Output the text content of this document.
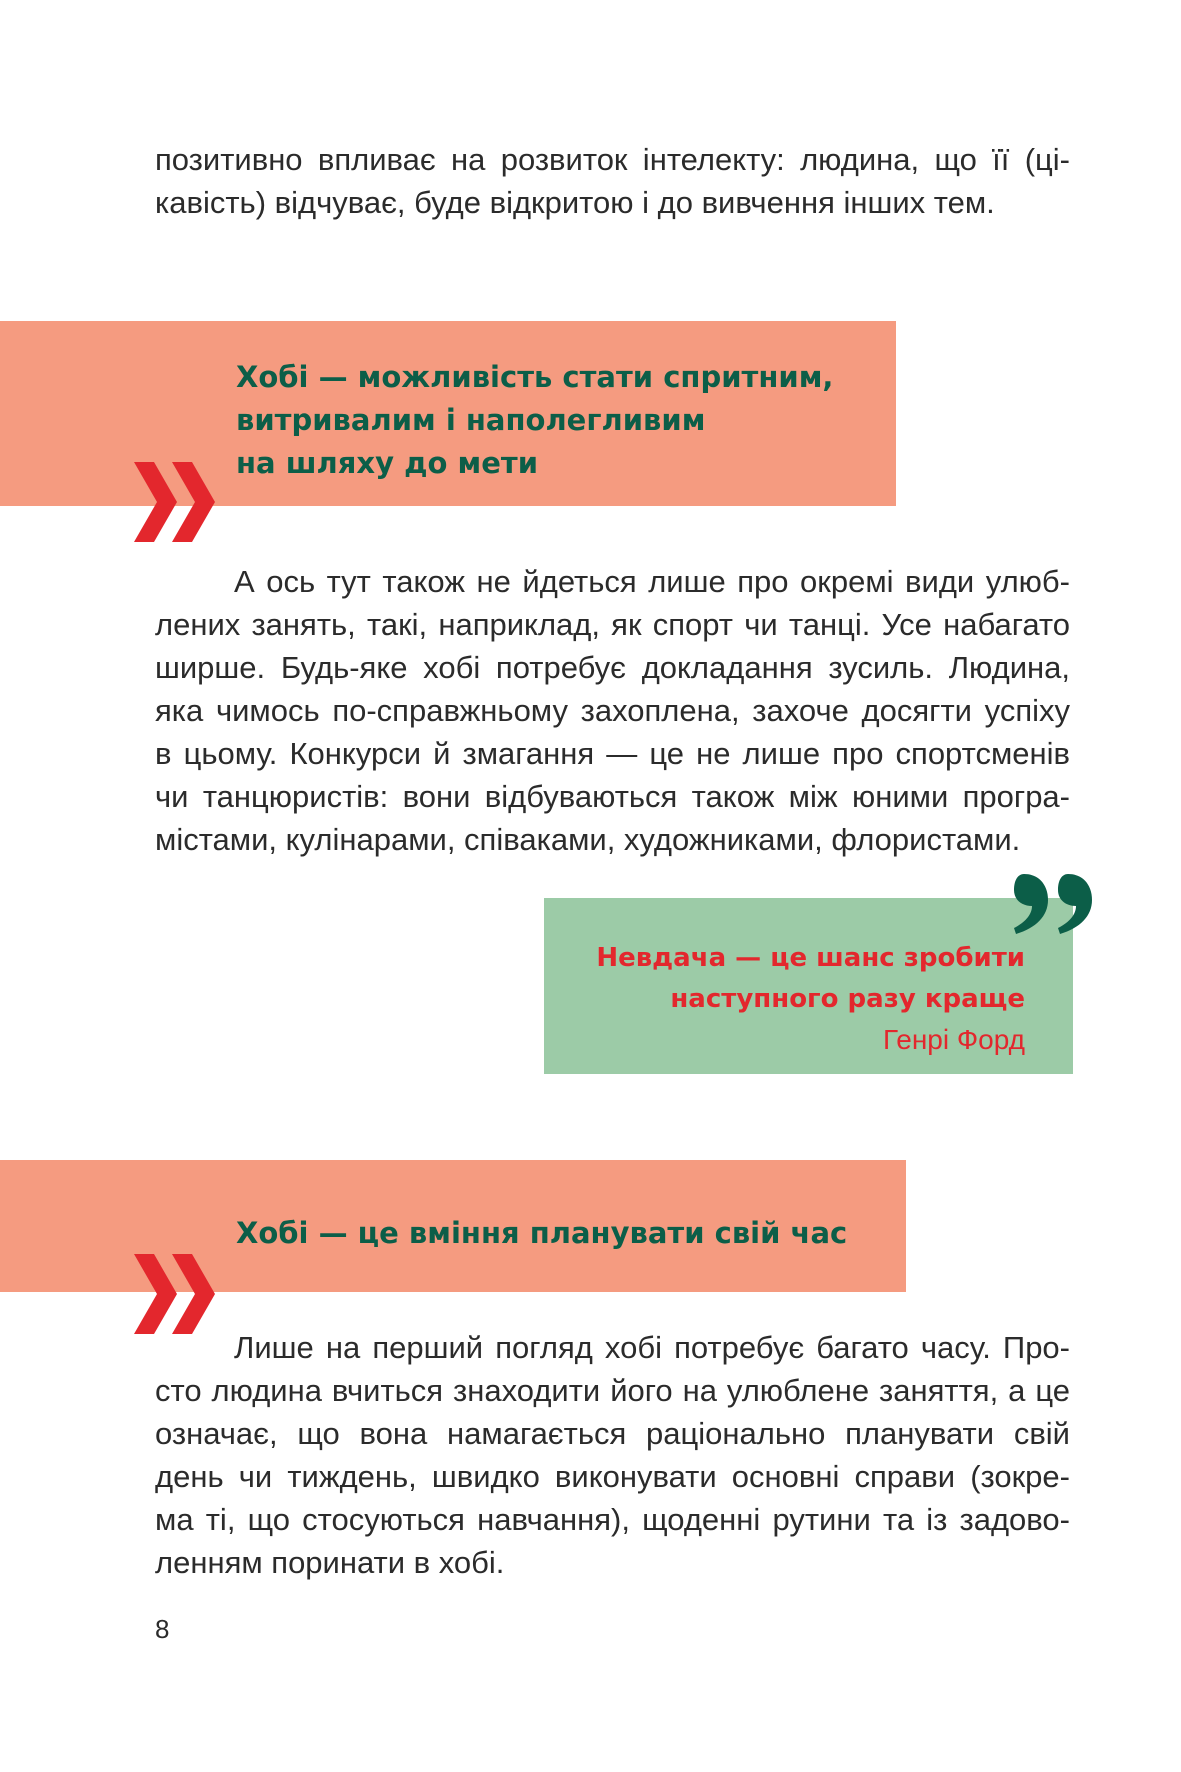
позитивно впливає на розвиток інтелекту: людина, що її (ці-
кавість) відчуває, буде відкритою і до вивчення інших тем.
Хобі — можливість стати спритним,
витривалим і наполегливим
на шляху до мети
А ось тут також не йдеться лише про окремі види улюб-
лених занять, такі, наприклад, як спорт чи танці. Усе набагато
ширше. Будь-яке хобі потребує докладання зусиль. Людина,
яка чимось по-справжньому захоплена, захоче досягти успіху
в цьому. Конкурси й змагання — це не лише про спортсменів
чи танцюристів: вони відбуваються також між юними програ-
містами, кулінарами, співаками, художниками, флористами.
Невдача — це шанс зробити
наступного разу краще
Генрі Форд
Хобі — це вміння планувати свій час
Лише на перший погляд хобі потребує багато часу. Про-
сто людина вчиться знаходити його на улюблене заняття, а це
означає, що вона намагається раціонально планувати свій
день чи тиждень, швидко виконувати основні справи (зокре-
ма ті, що стосуються навчання), щоденні рутини та із задово-
ленням поринати в хобі.
8
